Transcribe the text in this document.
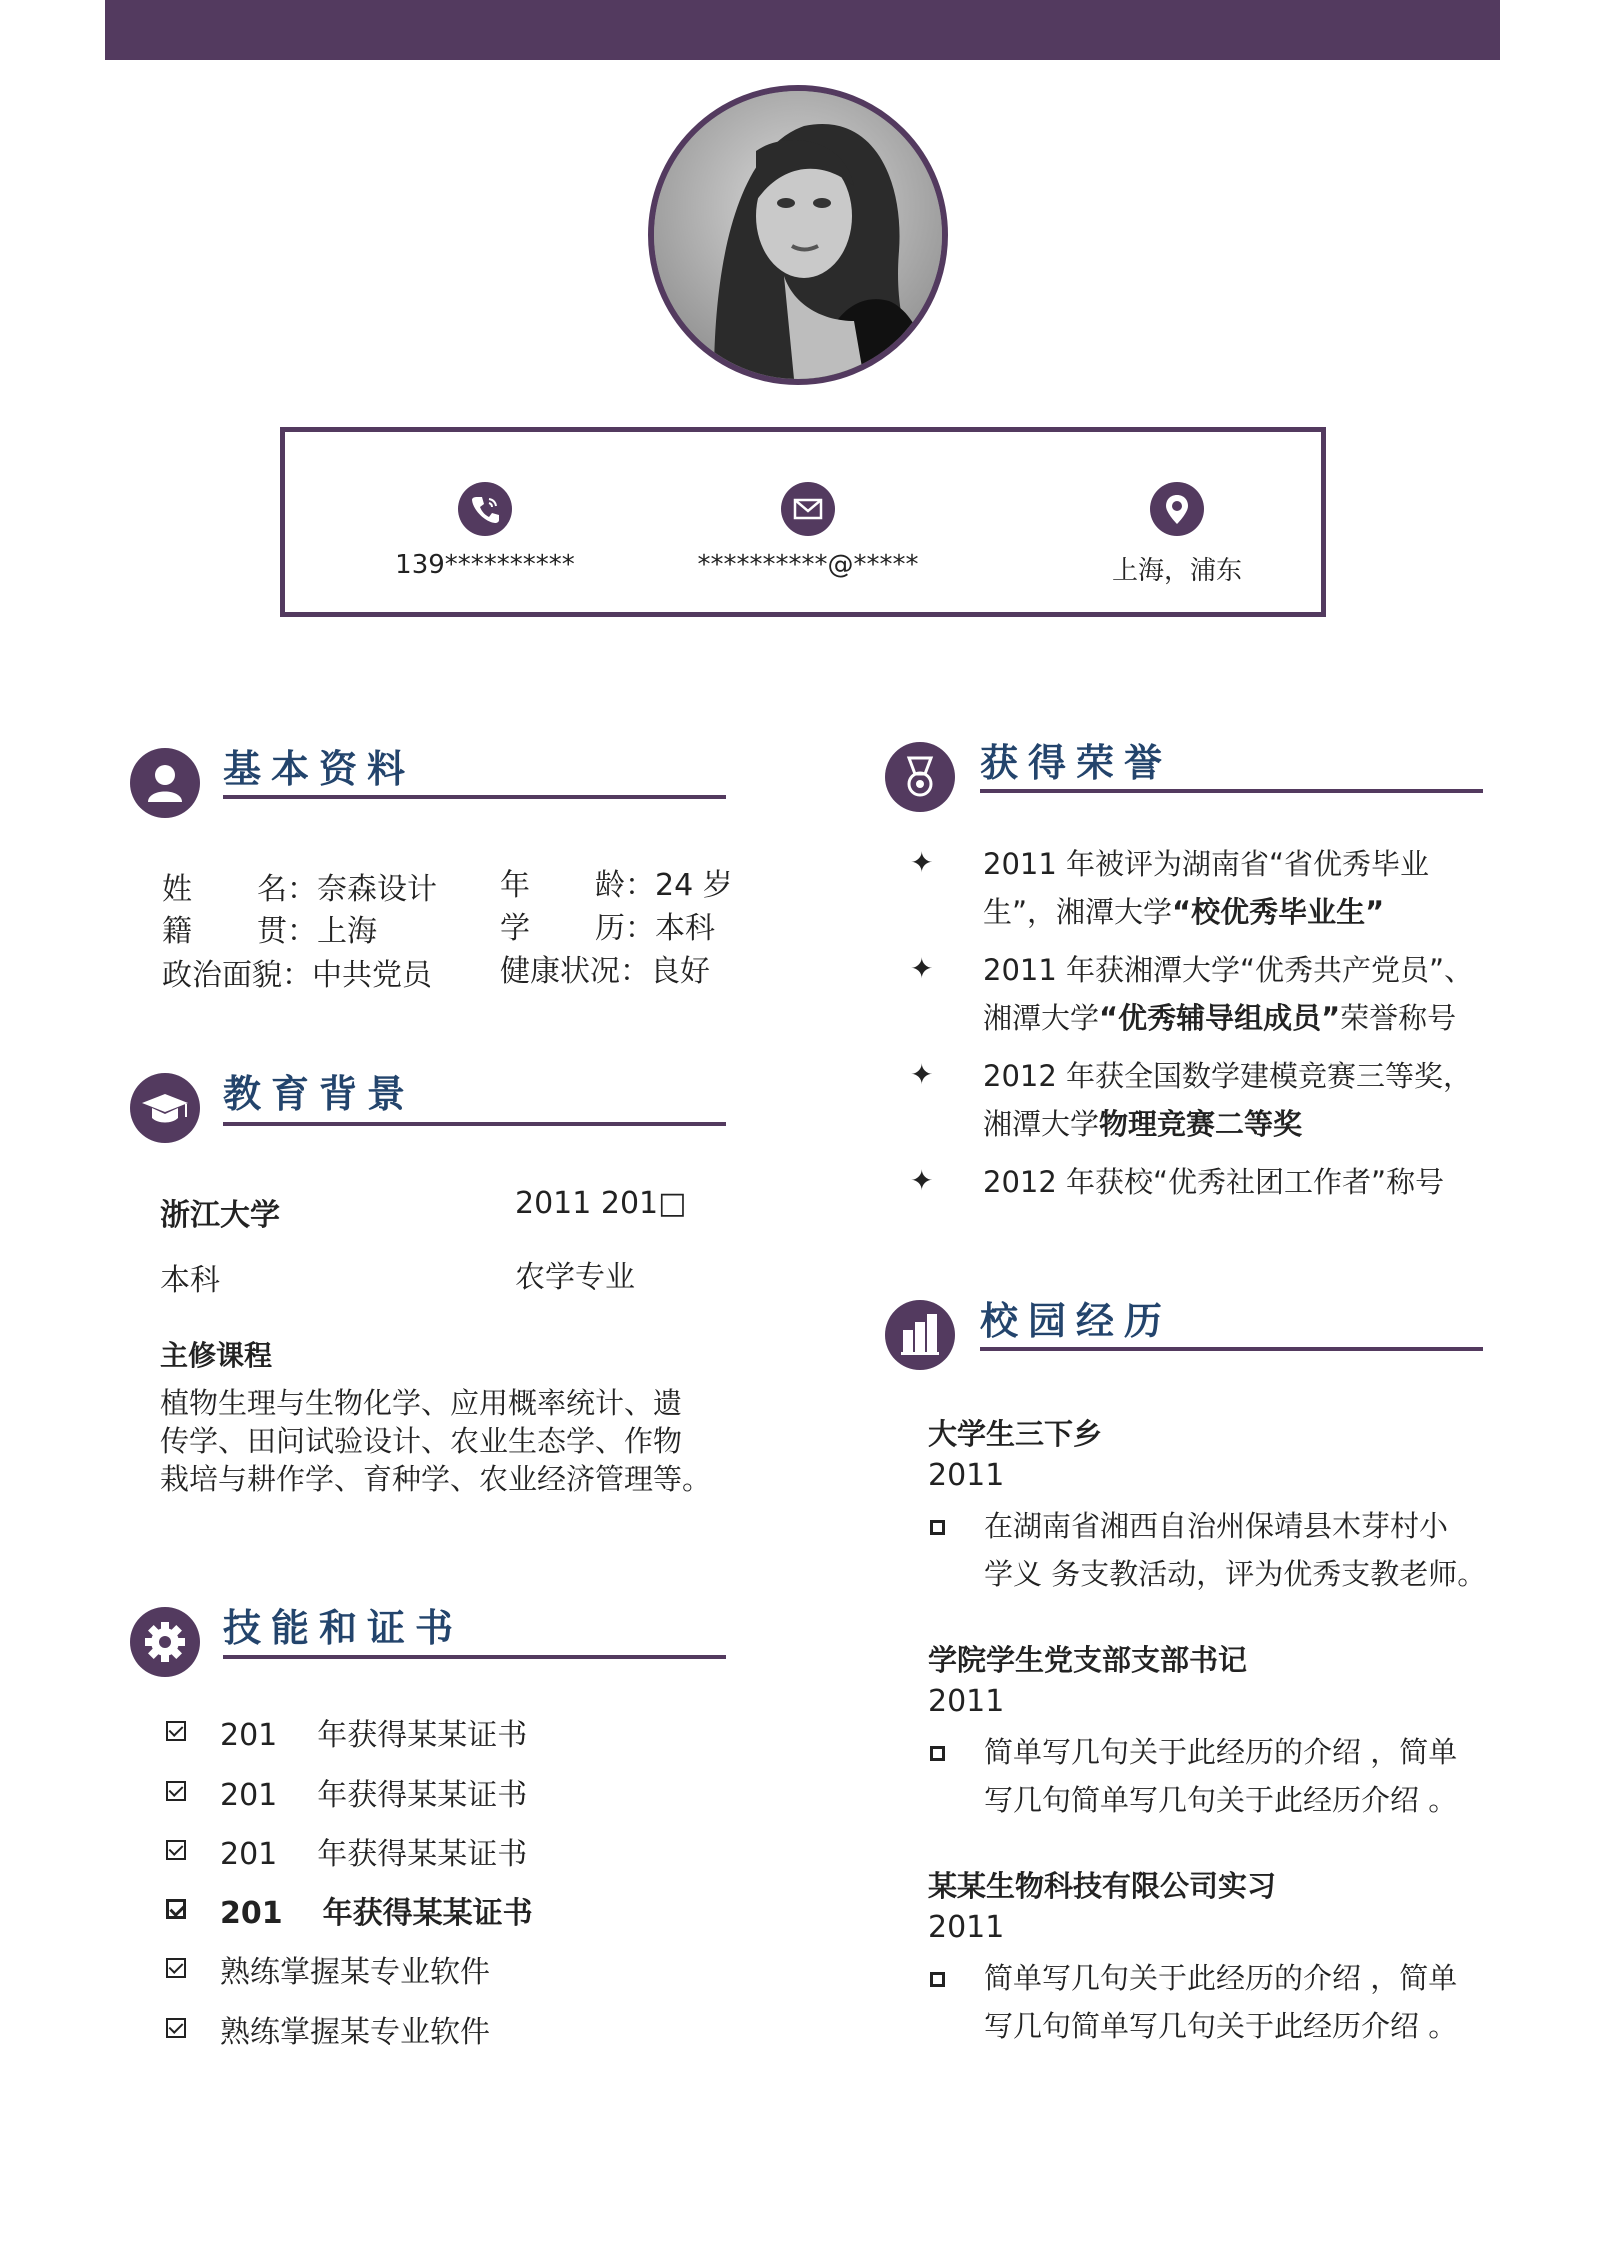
139**********	**********@*****	上海，浦东
基本资料
姓名：奈森设计 年龄：24 岁
籍贯：上海	学历：本科
政治面貌：中共党员 健康状况：良好
教育背景
浙江大学	2011 201□
本科	农学专业
主修课程
植物生理与生物化学、应用概率统计、遗
传学、田问试验设计、农业生态学、作物
栽培与耕作学、育种学、农业经济管理等。
技能和证书
201 年获得某某证书
201 年获得某某证书
201 年获得某某证书
201 年获得某某证书
熟练掌握某专业软件
熟练掌握某专业软件
获得荣誉
✦ 2011 年被评为湖南省“省优秀毕业
生”，湘潭大学“校优秀毕业生”
✦ 2011 年获湘潭大学“优秀共产党员”、
湘潭大学“优秀辅导组成员”荣誉称号
✦ 2012 年获全国数学建模竞赛三等奖，
湘潭大学物理竞赛二等奖
✦ 2012 年获校“优秀社团工作者”称号
校园经历
大学生三下乡
2011
在湖南省湘西自治州保靖县木芽村小
学义 务支教活动，评为优秀支教老师。
学院学生党支部支部书记
2011
简单写几句关于此经历的介绍 ，简单
写几句简单写几句关于此经历介绍 。
某某生物科技有限公司实习
2011
简单写几句关于此经历的介绍 ，简单
写几句简单写几句关于此经历介绍 。
